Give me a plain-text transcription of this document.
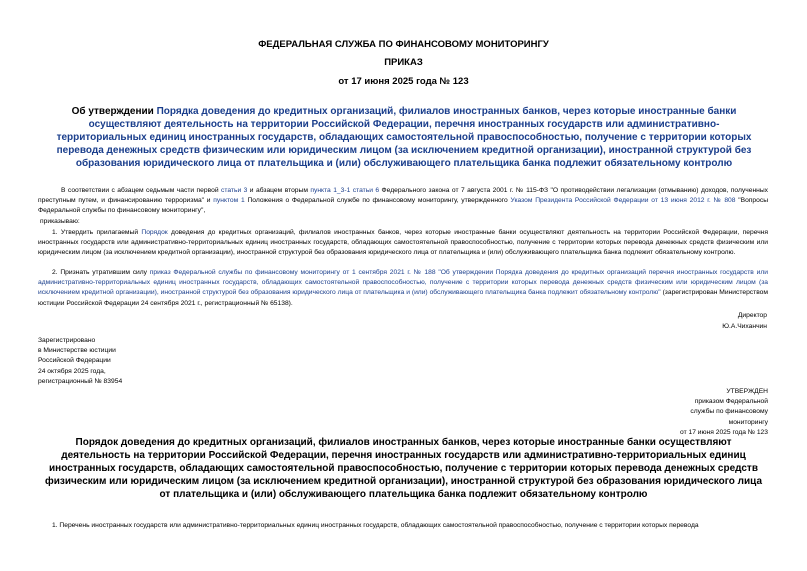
ФЕДЕРАЛЬНАЯ СЛУЖБА ПО ФИНАНСОВОМУ МОНИТОРИНГУ
ПРИКАЗ
от 17 июня 2025 года № 123
Об утверждении Порядка доведения до кредитных организаций, филиалов иностранных банков, через которые иностранные банки осуществляют деятельность на территории Российской Федерации, перечня иностранных государств или административно-территориальных единиц иностранных государств, обладающих самостоятельной правоспособностью, получение с территории которых перевода денежных средств физическим или юридическим лицом (за исключением кредитной организации), иностранной структурой без образования юридического лица от плательщика и (или) обслуживающего плательщика банка подлежит обязательному контролю
В соответствии с абзацем седьмым части первой статьи 3 и абзацем вторым пункта 1_3-1 статьи 6 Федерального закона от 7 августа 2001 г. № 115-ФЗ "О противодействии легализации (отмыванию) доходов, полученных преступным путем, и финансированию терроризма" и пунктом 1 Положения о Федеральной службе по финансовому мониторингу, утвержденного Указом Президента Российской Федерации от 13 июня 2012 г. № 808 "Вопросы Федеральной службы по финансовому мониторингу",
приказываю:
1. Утвердить прилагаемый Порядок доведения до кредитных организаций, филиалов иностранных банков, через которые иностранные банки осуществляют деятельность на территории Российской Федерации, перечня иностранных государств или административно-территориальных единиц иностранных государств, обладающих самостоятельной правоспособностью, получение с территории которых перевода денежных средств физическим или юридическим лицом (за исключением кредитной организации), иностранной структурой без образования юридического лица от плательщика и (или) обслуживающего плательщика банка подлежит обязательному контролю.
2. Признать утратившим силу приказ Федеральной службы по финансовому мониторингу от 1 сентября 2021 г. № 188 "Об утверждении Порядка доведения до кредитных организаций перечня иностранных государств или административно-территориальных единиц иностранных государств, обладающих самостоятельной правоспособностью, получение с территории которых перевода денежных средств физическим или юридическим лицом (за исключением кредитной организации), иностранной структурой без образования юридического лица от плательщика и (или) обслуживающего плательщика банка подлежит обязательному контролю" (зарегистрирован Министерством юстиции Российской Федерации 24 сентября 2021 г., регистрационный № 65138).
Директор
Ю.А.Чиханчин
Зарегистрировано
в Министерстве юстиции
Российской Федерации
24 октября 2025 года,
регистрационный № 83954
УТВЕРЖДЕН
приказом Федеральной
службы по финансовому
мониторингу
от 17 июня 2025 года № 123
Порядок доведения до кредитных организаций, филиалов иностранных банков, через которые иностранные банки осуществляют деятельность на территории Российской Федерации, перечня иностранных государств или административно-территориальных единиц иностранных государств, обладающих самостоятельной правоспособностью, получение с территории которых перевода денежных средств физическим или юридическим лицом (за исключением кредитной организации), иностранной структурой без образования юридического лица от плательщика и (или) обслуживающего плательщика банка подлежит обязательному контролю
1. Перечень иностранных государств или административно-территориальных единиц иностранных государств, обладающих самостоятельной правоспособностью, получение с территории которых перевода
